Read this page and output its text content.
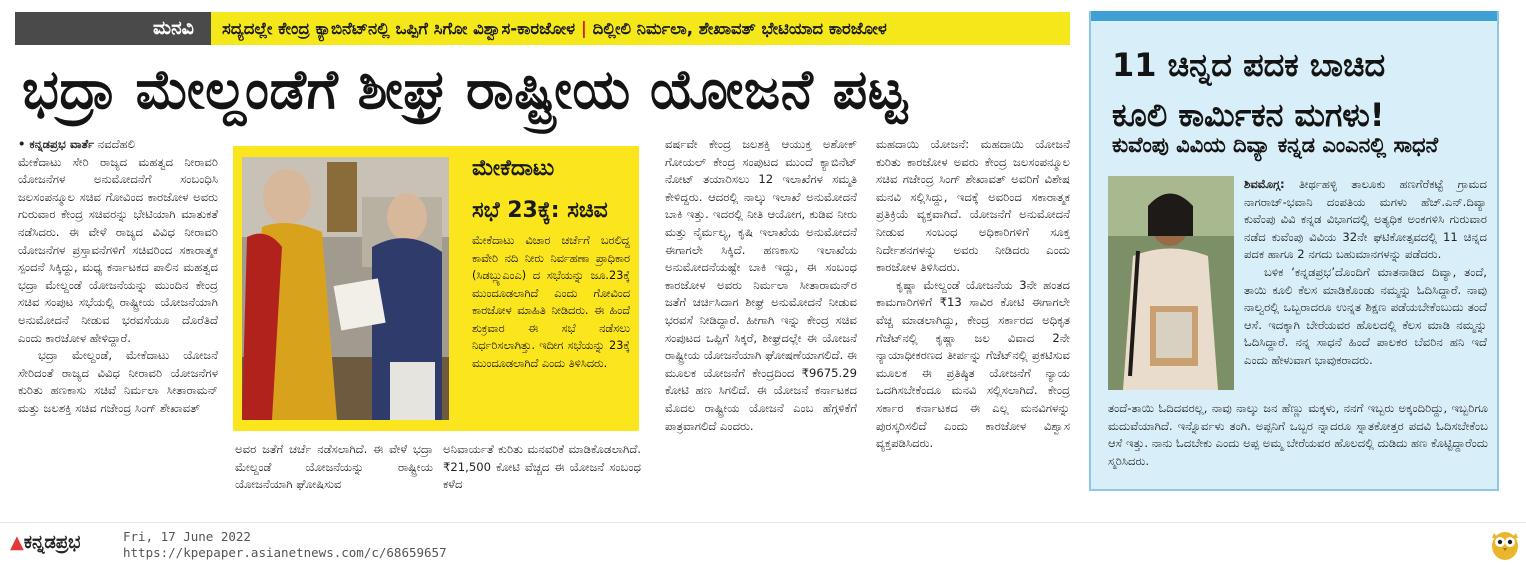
ಮನವಿ	ಸದ್ಯದಲ್ಲೇ ಕೇಂದ್ರ ಕ್ಯಾಬಿನೆಟ್‌ನಲ್ಲಿ ಒಪ್ಪಿಗೆ ಸಿಗೋ ವಿಶ್ವಾಸ-ಕಾರಜೋಳ | ದಿಲ್ಲೀಲಿ ನಿರ್ಮಲಾ, ಶೇಖಾವತ್ ಭೇಟಿಯಾದ ಕಾರಜೋಳ
ಭದ್ರಾ ಮೇಲ್ದಂಡೆಗೆ ಶೀಘ್ರ ರಾಷ್ಟ್ರೀಯ ಯೋಜನೆ ಪಟ್ಟ

• ಕನ್ನಡಪ್ರಭ ವಾರ್ತೆ ನವದೆಹಲಿ

ಮೇಕೆದಾಟು ಸೇರಿ ರಾಜ್ಯದ ಮಹತ್ವದ ನೀರಾವರಿ ಯೋಜನೆಗಳ ಅನುಮೋದನೆಗೆ ಸಂಬಂಧಿಸಿ ಜಲಸಂಪನ್ಮೂಲ ಸಚಿವ ಗೋವಿಂದ ಕಾರಜೋಳ ಅವರು ಗುರುವಾರ ಕೇಂದ್ರ ಸಚಿವರನ್ನು ಭೇಟಿಯಾಗಿ ಮಾತುಕತೆ ನಡೆಸಿದರು. ಈ ವೇಳೆ ರಾಜ್ಯದ ವಿವಿಧ ನೀರಾವರಿ ಯೋಜನೆಗಳ ಪ್ರಸ್ತಾವನೆಗಳಿಗೆ ಸಚಿವರಿಂದ ಸಕಾರಾತ್ಮಕ ಸ್ಪಂದನೆ ಸಿಕ್ಕಿದ್ದು, ಮಧ್ಯ ಕರ್ನಾಟಕದ ಪಾಲಿನ ಮಹತ್ವದ ಭದ್ರಾ ಮೇಲ್ದಂಡೆ ಯೋಜನೆಯನ್ನು ಮುಂದಿನ ಕೇಂದ್ರ ಸಚಿವ ಸಂಪುಟ ಸಭೆಯಲ್ಲಿ ರಾಷ್ಟ್ರೀಯ ಯೋಜನೆಯಾಗಿ ಅನುಮೋದನೆ ನೀಡುವ ಭರವಸೆಯೂ ದೊರೆತಿದೆ ಎಂದು ಕಾರಜೋಳ ಹೇಳಿದ್ದಾರೆ.

ಭದ್ರಾ ಮೇಲ್ದಂಡೆ, ಮೇಕೆದಾಟು ಯೋಜನೆ ಸೇರಿದಂತೆ ರಾಜ್ಯದ ವಿವಿಧ ನೀರಾವರಿ ಯೋಜನೆಗಳ ಕುರಿತು ಹಣಕಾಸು ಸಚಿವೆ ನಿರ್ಮಲಾ ಸೀತಾರಾಮನ್ ಮತ್ತು ಜಲಶಕ್ತಿ ಸಚಿವ ಗಜೇಂದ್ರ ಸಿಂಗ್ ಶೇಖಾವತ್

ಮೇಕೆದಾಟು
ಸಭೆ 23ಕ್ಕೆ: ಸಚಿವ
ಮೇಕೆದಾಟು ವಿಚಾರ ಚರ್ಚೆಗೆ ಬರಲಿದ್ದ ಕಾವೇರಿ ನದಿ ನೀರು ನಿರ್ವಹಣಾ ಪ್ರಾಧಿಕಾರ (ಸಿಡಬ್ಲ್ಯುಎಂಎ) ದ ಸಭೆಯನ್ನು ಜೂ.23ಕ್ಕೆ ಮುಂದೂಡಲಾಗಿದೆ ಎಂದು ಗೋವಿಂದ ಕಾರಜೋಳ ಮಾಹಿತಿ ನೀಡಿದರು. ಈ ಹಿಂದೆ ಶುಕ್ರವಾರ ಈ ಸಭೆ ನಡೆಸಲು ನಿರ್ಧರಿಸಲಾಗಿತ್ತು. ಇದೀಗ ಸಭೆಯನ್ನು 23ಕ್ಕೆ ಮುಂದೂಡಲಾಗಿದೆ ಎಂದು ತಿಳಿಸಿದರು.
ಅವರ ಜತೆಗೆ ಚರ್ಚೆ ನಡೆಸಲಾಗಿದೆ. ಈ ವೇಳೆ ಭದ್ರಾ ಮೇಲ್ದಂಡೆ ಯೋಜನೆಯನ್ನು ರಾಷ್ಟ್ರೀಯ ಯೋಜನೆಯಾಗಿ ಘೋಷಿಸುವ
ಅನಿವಾರ್ಯತೆ ಕುರಿತು ಮನವರಿಕೆ ಮಾಡಿಕೊಡಲಾಗಿದೆ. ₹21,500 ಕೋಟಿ ವೆಚ್ಚದ ಈ ಯೋಜನೆ ಸಂಬಂಧ ಕಳೆದ
ವರ್ಷವೇ ಕೇಂದ್ರ ಜಲಶಕ್ತಿ ಆಯುಕ್ತ ಅಶೋಕ್ ಗೋಯಲ್ ಕೇಂದ್ರ ಸಂಪುಟದ ಮುಂದೆ ಕ್ಯಾಬಿನೆಟ್ ನೋಟ್ ತಯಾರಿಸಲು 12 ಇಲಾಖೆಗಳ ಸಮ್ಮತಿ ಕೇಳಿದ್ದರು. ಆದರಲ್ಲಿ ನಾಲ್ಕು ಇಲಾಖೆ ಅನುಮೋದನೆ ಬಾಕಿ ಇತ್ತು. ಇದರಲ್ಲಿ ನೀತಿ ಆಯೋಗ, ಕುಡಿವ ನೀರು ಮತ್ತು ನೈರ್ಮಲ್ಯ, ಕೃಷಿ ಇಲಾಖೆಯ ಅನುಮೋದನೆ ಈಗಾಗಲೇ ಸಿಕ್ಕಿದೆ. ಹಣಕಾಸು ಇಲಾಖೆಯ ಅನುಮೋದನೆಯಷ್ಟೇ ಬಾಕಿ ಇದ್ದು, ಈ ಸಂಬಂಧ ಕಾರಜೋಳ ಅವರು ನಿರ್ಮಲಾ ಸೀತಾರಾಮನ್‌ರ ಜತೆಗೆ ಚರ್ಚಿಸಿದಾಗ ಶೀಘ್ರ ಅನುಮೋದನೆ ನೀಡುವ ಭರವಸೆ ನೀಡಿದ್ದಾರೆ. ಹೀಗಾಗಿ ಇನ್ನು ಕೇಂದ್ರ ಸಚಿವ ಸಂಪುಟದ ಒಪ್ಪಿಗೆ ಸಿಕ್ಕರೆ, ಶೀಘ್ರದಲ್ಲೇ ಈ ಯೋಜನೆ ರಾಷ್ಟ್ರೀಯ ಯೋಜನೆಯಾಗಿ ಘೋಷಣೆಯಾಗಲಿದೆ. ಈ ಮೂಲಕ ಯೋಜನೆಗೆ ಕೇಂದ್ರದಿಂದ ₹9675.29 ಕೋಟಿ ಹಣ ಸಿಗಲಿದೆ. ಈ ಯೋಜನೆ ಕರ್ನಾಟಕದ ಮೊದಲ ರಾಷ್ಟ್ರೀಯ ಯೋಜನೆ ಎಂಬ ಹೆಗ್ಗಳಿಕೆಗೆ ಪಾತ್ರವಾಗಲಿದೆ ಎಂದರು.

ಮಹದಾಯಿ ಯೋಜನೆ: ಮಹದಾಯಿ ಯೋಜನೆ ಕುರಿತು ಕಾರಜೋಳ ಅವರು ಕೇಂದ್ರ ಜಲಸಂಪನ್ಮೂಲ ಸಚಿವ ಗಜೇಂದ್ರ ಸಿಂಗ್ ಶೇಖಾವತ್ ಅವರಿಗೆ ವಿಶೇಷ ಮನವಿ ಸಲ್ಲಿಸಿದ್ದು, ಇದಕ್ಕೆ ಅವರಿಂದ ಸಕಾರಾತ್ಮಕ ಪ್ರತಿಕ್ರಿಯೆ ವ್ಯಕ್ತವಾಗಿದೆ. ಯೋಜನೆಗೆ ಅನುಮೋದನೆ ನೀಡುವ ಸಂಬಂಧ ಅಧಿಕಾರಿಗಳಿಗೆ ಸೂಕ್ತ ನಿರ್ದೇಶನಗಳನ್ನು ಅವರು ನೀಡಿದರು ಎಂದು ಕಾರಜೋಳ ತಿಳಿಸಿದರು.

ಕೃಷ್ಣಾ ಮೇಲ್ದಂಡೆ ಯೋಜನೆಯ 3ನೇ ಹಂತದ ಕಾಮಗಾರಿಗಳಿಗೆ ₹13 ಸಾವಿರ ಕೋಟಿ ಈಗಾಗಲೇ ವೆಚ್ಚ ಮಾಡಲಾಗಿದ್ದು, ಕೇಂದ್ರ ಸರ್ಕಾರದ ಅಧಿಕೃತ ಗೆಜೆಟ್‌ನಲ್ಲಿ ಕೃಷ್ಣಾ ಜಲ ವಿವಾದ 2ನೇ ನ್ಯಾಯಾಧೀಕರಣದ ತೀರ್ಪನ್ನು ಗೆಜೆಟ್‌ನಲ್ಲಿ ಪ್ರಕಟಿಸುವ ಮೂಲಕ ಈ ಪ್ರತಿಷ್ಠಿತ ಯೋಜನೆಗೆ ನ್ಯಾಯ ಒದಗಿಸಬೇಕೆಂದೂ ಮನವಿ ಸಲ್ಲಿಸಲಾಗಿದೆ. ಕೇಂದ್ರ ಸರ್ಕಾರ ಕರ್ನಾಟಕದ ಈ ಎಲ್ಲ ಮನವಿಗಳನ್ನು ಪುರಸ್ಕರಿಸಲಿದೆ ಎಂದು ಕಾರಜೋಳ ವಿಶ್ವಾಸ ವ್ಯಕ್ತಪಡಿಸಿದರು.

11 ಚಿನ್ನದ ಪದಕ ಬಾಚಿದ
ಕೂಲಿ ಕಾರ್ಮಿಕನ ಮಗಳು!
ಕುವೆಂಪು ವಿವಿಯ ದಿವ್ಯಾ ಕನ್ನಡ ಎಂಎನಲ್ಲಿ ಸಾಧನೆ

ಶಿವಮೊಗ್ಗ: ತೀರ್ಥಹಳ್ಳಿ ತಾಲೂಕು ಹಣಗೆರೆಕಟ್ಟೆ ಗ್ರಾಮದ ನಾಗರಾಜ್-ಭವಾನಿ ದಂಪತಿಯ ಮಗಳು ಹೆಚ್.ಎನ್.ದಿವ್ಯಾ ಕುವೆಂಪು ವಿವಿ ಕನ್ನಡ ವಿಭಾಗದಲ್ಲಿ ಅತ್ಯಧಿಕ ಅಂಕಗಳಿಸಿ ಗುರುವಾರ ನಡೆದ ಕುವೆಂಪು ವಿವಿಯ 32ನೇ ಘಟಿಕೋತ್ಸವದಲ್ಲಿ 11 ಚಿನ್ನದ ಪದಕ ಹಾಗೂ 2 ನಗದು ಬಹುಮಾನಗಳನ್ನು ಪಡೆದರು.

ಬಳಿಕ ‘ಕನ್ನಡಪ್ರಭ’ದೊಂದಿಗೆ ಮಾತನಾಡಿದ ದಿವ್ಯಾ, ತಂದೆ, ತಾಯಿ ಕೂಲಿ ಕೆಲಸ ಮಾಡಿಕೊಂಡು ನಮ್ಮನ್ನು ಓದಿಸಿದ್ದಾರೆ. ನಾವು ನಾಲ್ವರಲ್ಲಿ ಒಬ್ಬರಾದರೂ ಉನ್ನತ ಶಿಕ್ಷಣ ಪಡೆಯಬೇಕೆಂಬುದು ತಂದೆ ಆಸೆ. ಇದಕ್ಕಾಗಿ ಬೇರೆಯವರ ಹೊಲದಲ್ಲಿ ಕೆಲಸ ಮಾಡಿ ನಮ್ಮನ್ನು ಓದಿಸಿದ್ದಾರೆ. ನನ್ನ ಸಾಧನೆ ಹಿಂದೆ ಪಾಲಕರ ಬೆವರಿನ ಹನಿ ಇದೆ ಎಂದು ಹೇಳುವಾಗ ಭಾವುಕರಾದರು.

ತಂದೆ-ತಾಯಿ ಓದಿದವರಲ್ಲ, ನಾವು ನಾಲ್ಕು ಜನ ಹೆಣ್ಣು ಮಕ್ಕಳು, ನನಗೆ ಇಬ್ಬರು ಅಕ್ಕಂದಿರಿದ್ದು, ಇಬ್ಬರಿಗೂ ಮದುವೆಯಾಗಿದೆ. ಇನ್ನೊರ್ವಳು ತಂಗಿ. ಅಪ್ಪನಿಗೆ ಒಬ್ಬರ ನ್ನಾದರೂ ಸ್ನಾತಕೋತ್ತರ ಪದವಿ ಓದಿಸಬೇಕೆಂಬ ಆಸೆ ಇತ್ತು. ನಾನು ಓದಬೇಕು ಎಂದು ಅಪ್ಪ ಅಮ್ಮ ಬೇರೆಯವರ ಹೊಲದಲ್ಲಿ ದುಡಿದು ಹಣ ಕೊಟ್ಟಿದ್ದಾರೆಂದು ಸ್ಮರಿಸಿದರು.
▲ಕನ್ನಡಪ್ರಭ	Fri, 17 June 2022
https://kpepaper.asianetnews.com/c/68659657
